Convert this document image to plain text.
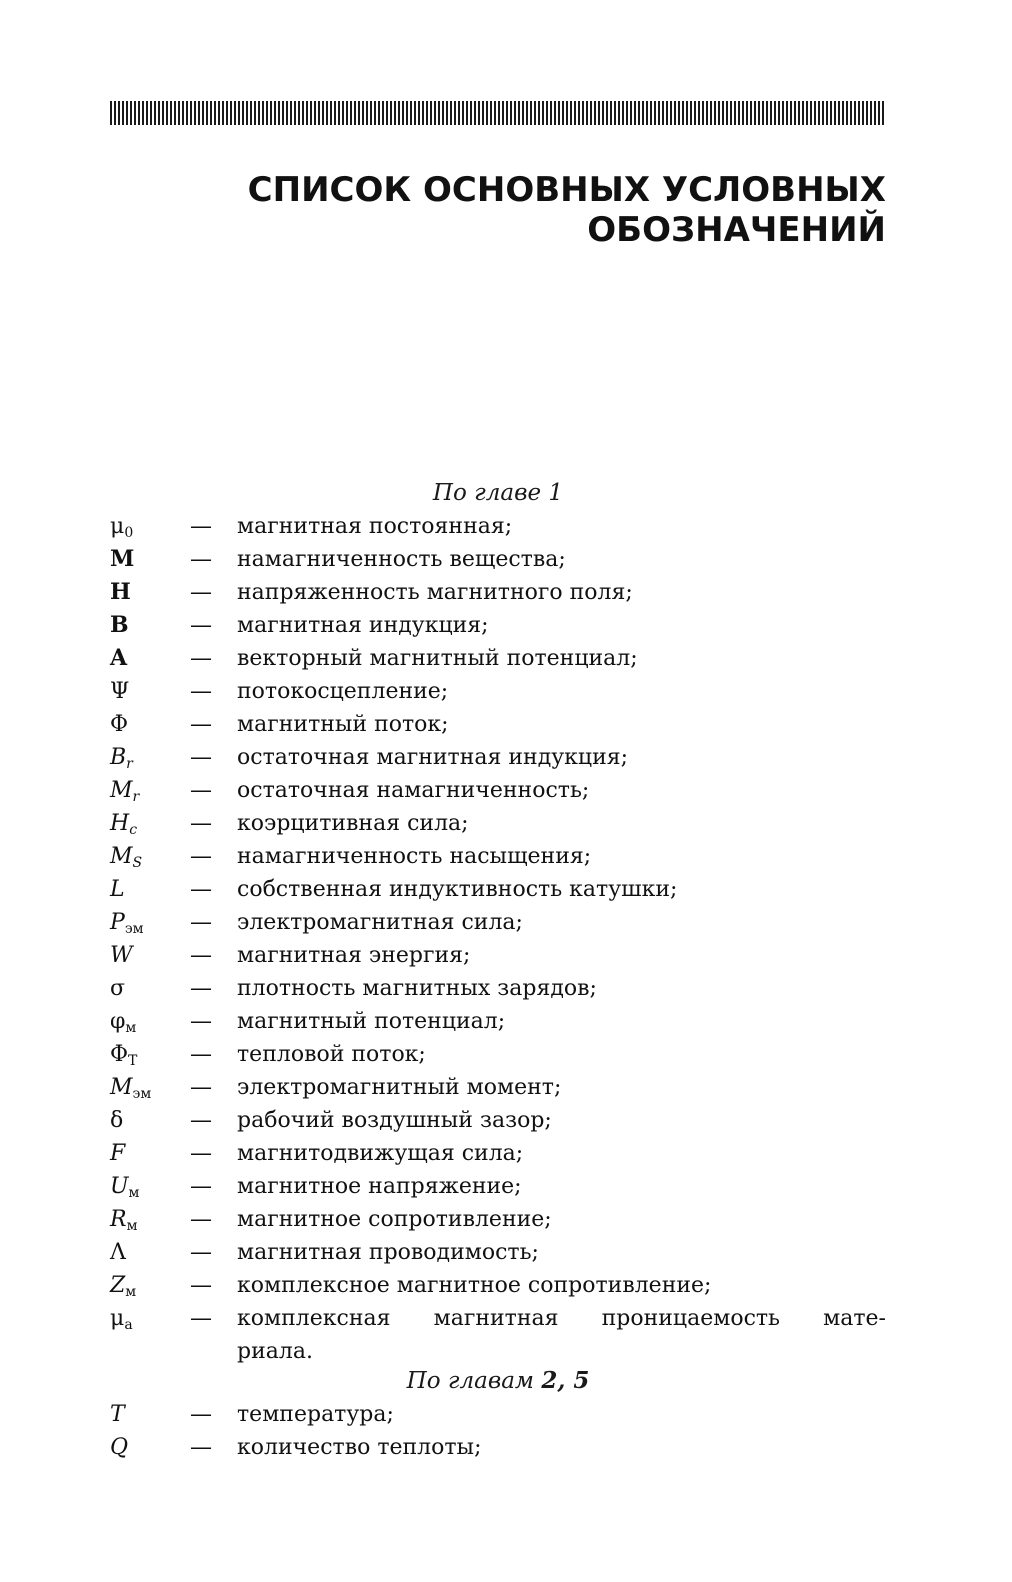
СПИСОК ОСНОВНЫХ УСЛОВНЫХ
ОБОЗНАЧЕНИЙ
По главе 1
$\mu_0$	—	магнитная постоянная;
M	—	намагниченность вещества;
H	—	напряженность магнитного поля;
B	—	магнитная индукция;
A	—	векторный магнитный потенциал;
Ψ	—	потокосцепление;
Φ	—	магнитный поток;
$B_r$	—	остаточная магнитная индукция;
$M_r$	—	остаточная намагниченность;
$H_c$	—	коэрцитивная сила;
$M_S$	—	намагниченность насыщения;
L	—	собственная индуктивность катушки;
$P_{эм}$	—	электромагнитная сила;
W	—	магнитная энергия;
σ	—	плотность магнитных зарядов;
$\varphi_м$	—	магнитный потенциал;
$\Phi_Т$	—	тепловой поток;
$M_{эм}$	—	электромагнитный момент;
δ	—	рабочий воздушный зазор;
F	—	магнитодвижущая сила;
$U_м$	—	магнитное напряжение;
$R_м$	—	магнитное сопротивление;
Λ	—	магнитная проводимость;
$Z_м$	—	комплексное магнитное сопротивление;
$\mu_а$	—	комплексная магнитная проницаемость мате-
риала.
По главам 2, 5
T	—	температура;
Q	—	количество теплоты;
